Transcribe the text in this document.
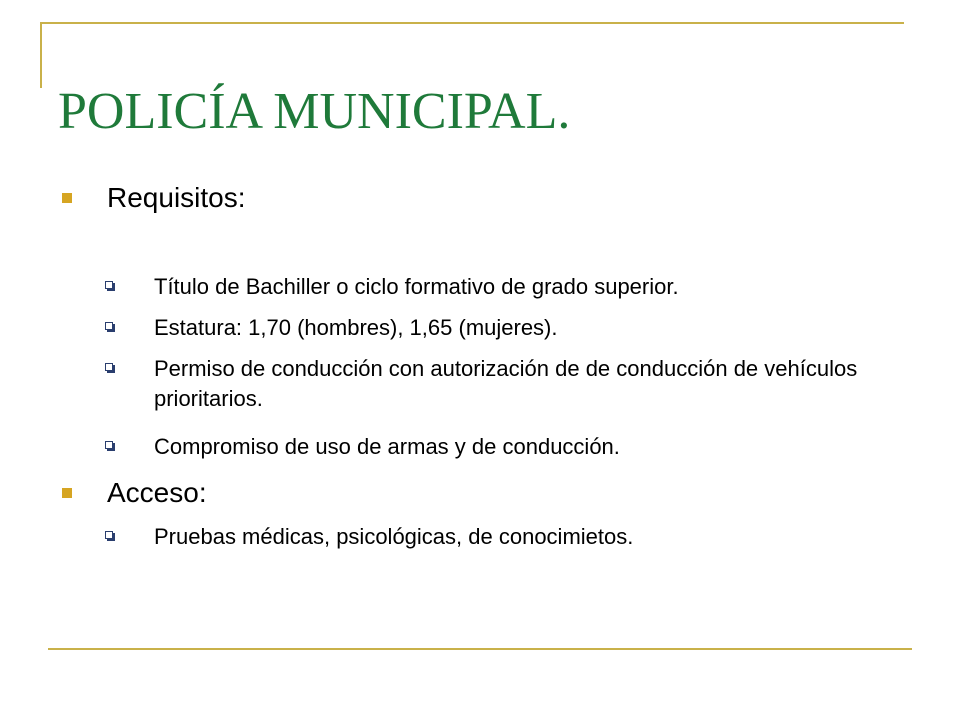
POLICÍA MUNICIPAL.
Requisitos:
Título de Bachiller o ciclo formativo de grado superior.
Estatura: 1,70 (hombres), 1,65 (mujeres).
Permiso de conducción con autorización de de conducción de vehículos prioritarios.
Compromiso de uso de armas y de conducción.
Acceso:
Pruebas médicas, psicológicas, de conocimietos.
